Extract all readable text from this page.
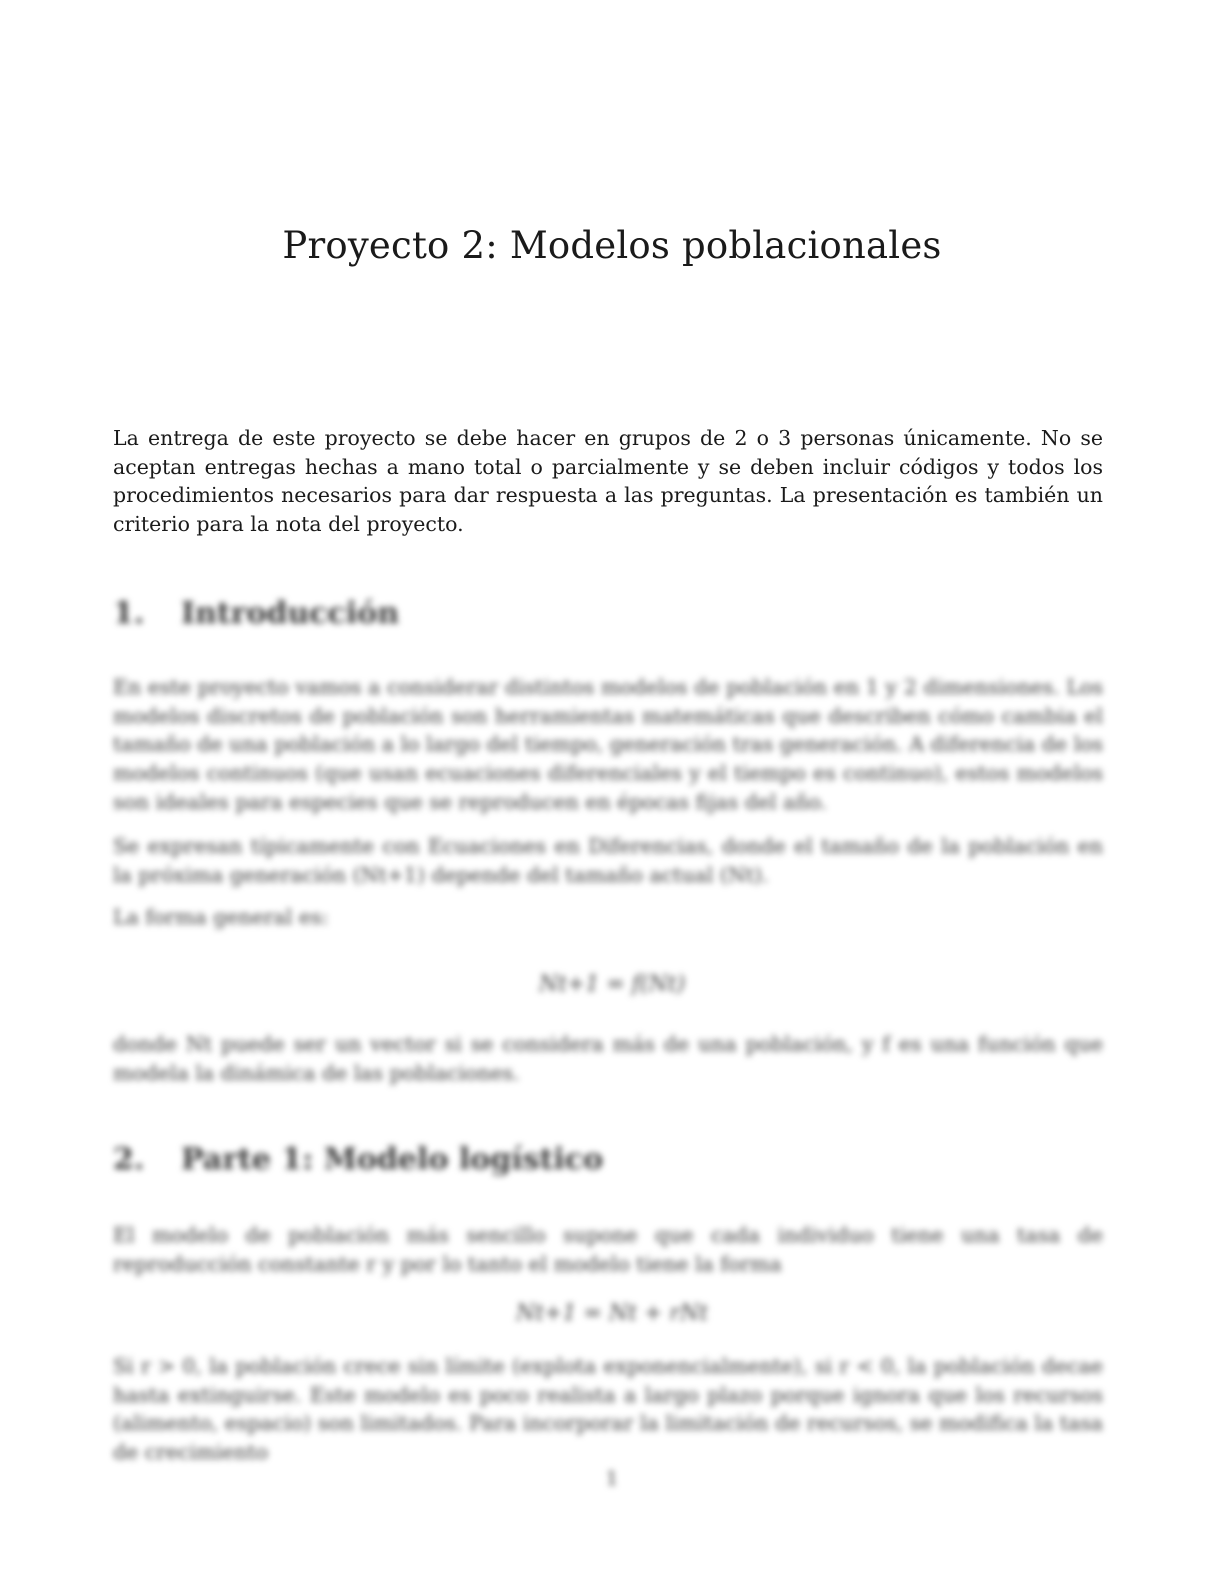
Proyecto 2: Modelos poblacionales

La entrega de este proyecto se debe hacer en grupos de 2 o 3 personas únicamente. No se aceptan entregas hechas a mano total o parcialmente y se deben incluir códigos y todos los procedimientos necesarios para dar respuesta a las preguntas. La presentación es también un criterio para la nota del proyecto.

1. Introducción

En este proyecto vamos a considerar distintos modelos de población en 1 y 2 dimensiones. Los modelos discretos de población son herramientas matemáticas que describen cómo cambia el tamaño de una población a lo largo del tiempo, generación tras generación. A diferencia de los modelos continuos (que usan ecuaciones diferenciales y el tiempo es continuo), estos modelos son ideales para especies que se reproducen en épocas fijas del año.

Se expresan típicamente con Ecuaciones en Diferencias, donde el tamaño de la población en la próxima generación (Nt+1) depende del tamaño actual (Nt).

La forma general es:

Nt+1 = f(Nt)

donde Nt puede ser un vector si se considera más de una población, y f es una función que modela la dinámica de las poblaciones.

2. Parte 1: Modelo logístico

El modelo de población más sencillo supone que cada individuo tiene una tasa de reproducción constante r y por lo tanto el modelo tiene la forma

Nt+1 = Nt + rNt

Si r > 0, la población crece sin límite (explota exponencialmente), si r < 0, la población decae hasta extinguirse. Este modelo es poco realista a largo plazo porque ignora que los recursos (alimento, espacio) son limitados. Para incorporar la limitación de recursos, se modifica la tasa de crecimiento

1
